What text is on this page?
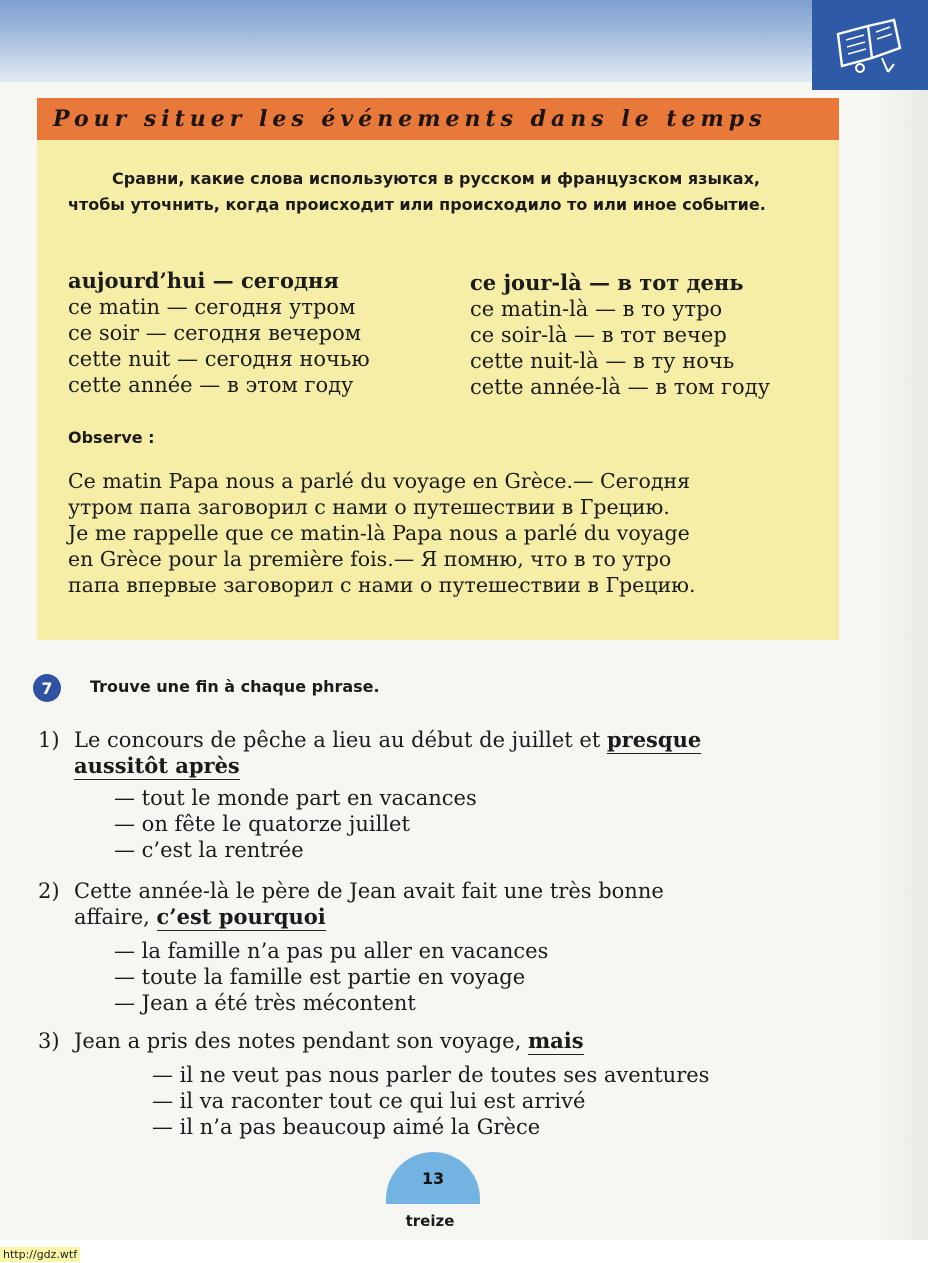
Pour situer les événements dans le temps

Сравни, какие слова используются в русском и французском языках, чтобы уточнить, когда происходит или происходило то или иное событие.

aujourd’hui — сегодня
ce matin — сегодня утром
ce soir — сегодня вечером
cette nuit — сегодня ночью
cette année — в этом году
ce jour-là — в тот день
ce matin-là — в то утро
ce soir-là — в тот вечер
cette nuit-là — в ту ночь
cette année-là — в том году
Observe :

Ce matin Papa nous a parlé du voyage en Grèce.— Сегодня
утром папа заговорил с нами о путешествии в Грецию.
Je me rappelle que ce matin-là Papa nous a parlé du voyage
en Grèce pour la première fois.— Я помню, что в то утро
папа впервые заговорил с нами о путешествии в Грецию.

7	Trouve une fin à chaque phrase.
1) Le concours de pêche a lieu au début de juillet et presque
aussitôt après
— tout le monde part en vacances
— on fête le quatorze juillet
— c’est la rentrée
2) Cette année-là le père de Jean avait fait une très bonne
affaire, c’est pourquoi
— la famille n’a pas pu aller en vacances
— toute la famille est partie en voyage
— Jean a été très mécontent
3) Jean a pris des notes pendant son voyage, mais
— il ne veut pas nous parler de toutes ses aventures
— il va raconter tout ce qui lui est arrivé
— il n’a pas beaucoup aimé la Grèce
13
treize
http://gdz.wtf
